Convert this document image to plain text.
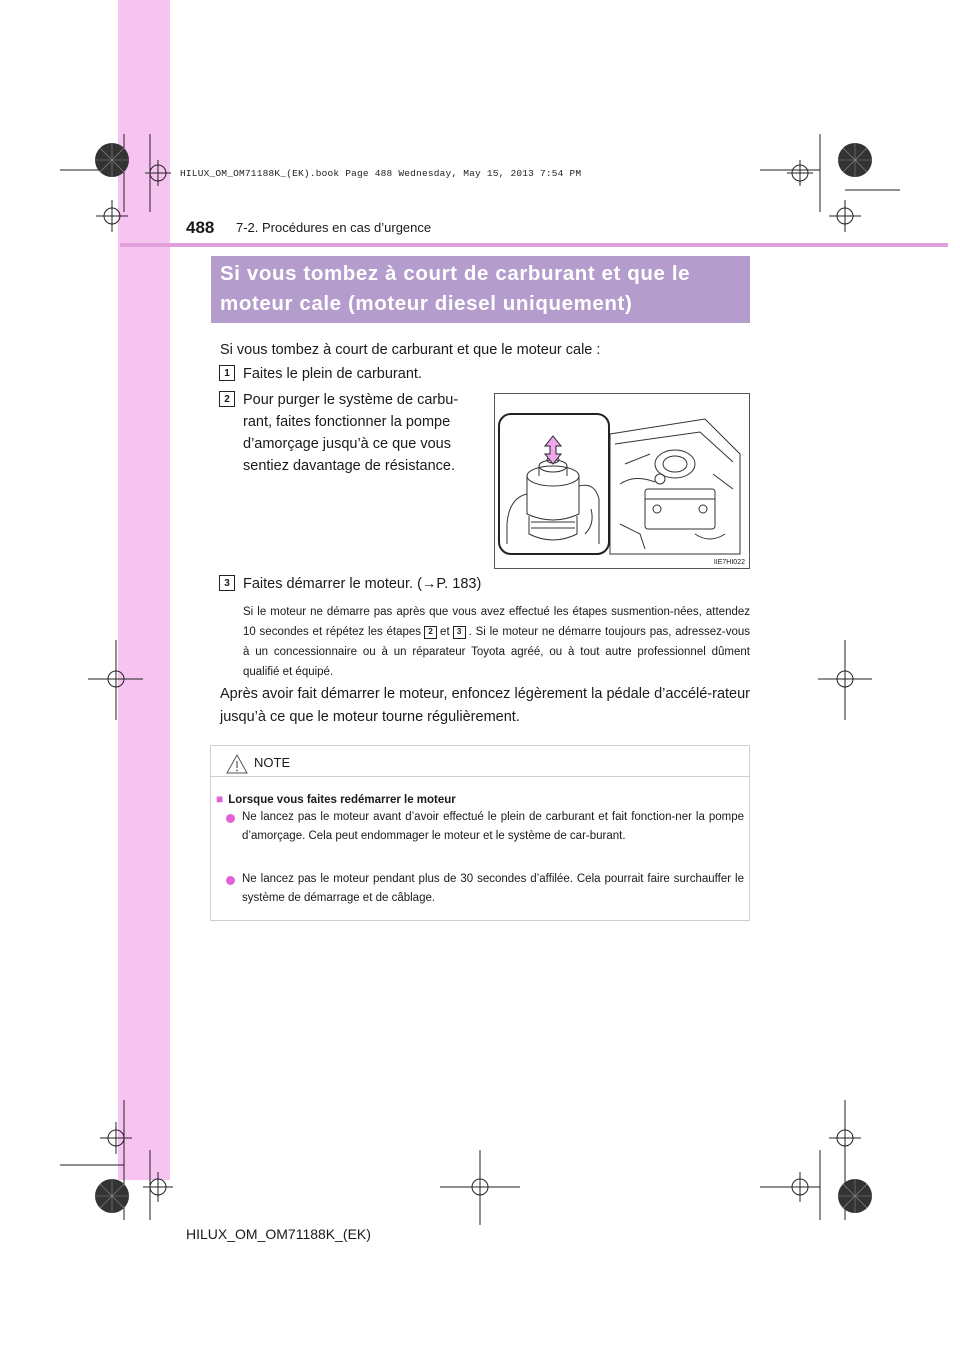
HILUX_OM_OM71188K_(EK).book Page 488 Wednesday, May 15, 2013 7:54 PM
488 7-2. Procédures en cas d’urgence
Si vous tombez à court de carburant et que le
moteur cale (moteur diesel uniquement)
Si vous tombez à court de carburant et que le moteur cale :
1 Faites le plein de carburant.
2 Pour purger le système de carbu-
rant, faites fonctionner la pompe
d’amorçage jusqu’à ce que vous
sentiez davantage de résistance.
IIE7HI022
3 Faites démarrer le moteur. (→P. 183)
Si le moteur ne démarre pas après que vous avez effectué les étapes susmention-nées, attendez 10 secondes et répétez les étapes 2 et 3 . Si le moteur ne démarre toujours pas, adressez-vous à un concessionnaire ou à un réparateur Toyota agréé, ou à tout autre professionnel dûment qualifié et équipé.
Après avoir fait démarrer le moteur, enfoncez légèrement la pédale d’accélé-rateur jusqu’à ce que le moteur tourne régulièrement.
NOTE
■ Lorsque vous faites redémarrer le moteur
Ne lancez pas le moteur avant d’avoir effectué le plein de carburant et fait fonction-ner la pompe d’amorçage. Cela peut endommager le moteur et le système de car-burant.
Ne lancez pas le moteur pendant plus de 30 secondes d’affilée. Cela pourrait faire surchauffer le système de démarrage et de câblage.
HILUX_OM_OM71188K_(EK)
